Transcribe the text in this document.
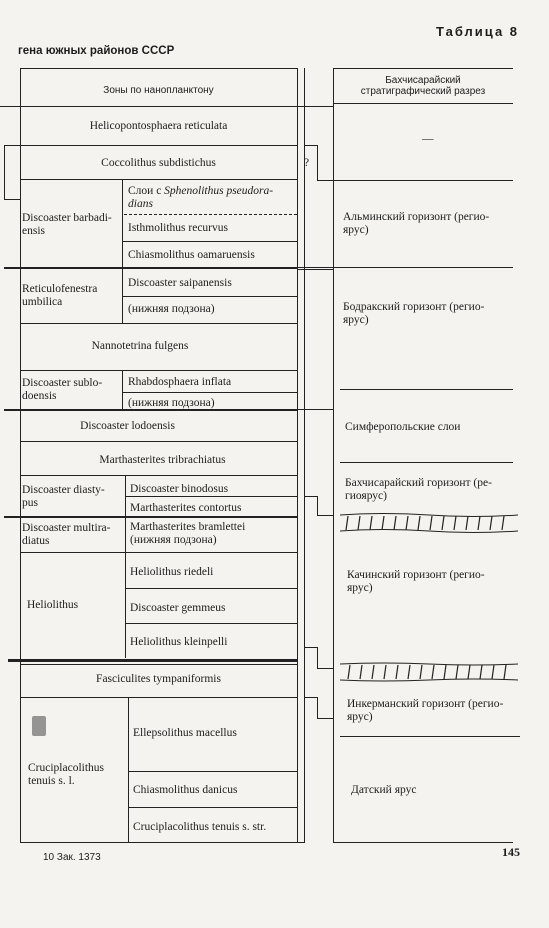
Таблица 8
гена южных районов СССР
Зоны по нанопланктону
Helicopontosphaera reticulata
Coccolithus subdistichus
Discoaster barbadi-
ensis
Слои с Sphenolithus pseudora-
dians
Isthmolithus recurvus
Chiasmolithus oamaruensis
Reticulofenestra
umbilica
Discoaster saipanensis
(нижняя подзона)
Nannotetrina fulgens
Discoaster sublo-
doensis
Rhabdosphaera inflata
(нижняя подзона)
Discoaster lodoensis
Marthasterites tribrachiatus
Discoaster diasty-
pus
Discoaster binodosus
Marthasterites contortus
Discoaster multira-
diatus
Marthasterites bramlettei
(нижняя подзона)
Heliolithus
Heliolithus riedeli
Discoaster gemmeus
Heliolithus kleinpelli
Fasciculites tympaniformis
Cruciplacolithus
tenuis s. l.
Ellepsolithus macellus
Chiasmolithus danicus
Cruciplacolithus tenuis s. str.
?
Бахчисарайский
стратиграфический разрез
—
Альминский горизонт (регио-
ярус)
Бодракский горизонт (регио-
ярус)
Симферопольские слои
Бахчисарайский горизонт (ре-
гиоярус)
Качинский горизонт (регио-
ярус)
Инкерманский горизонт (регио-
ярус)
Датский ярус
10 Зак. 1373	145
